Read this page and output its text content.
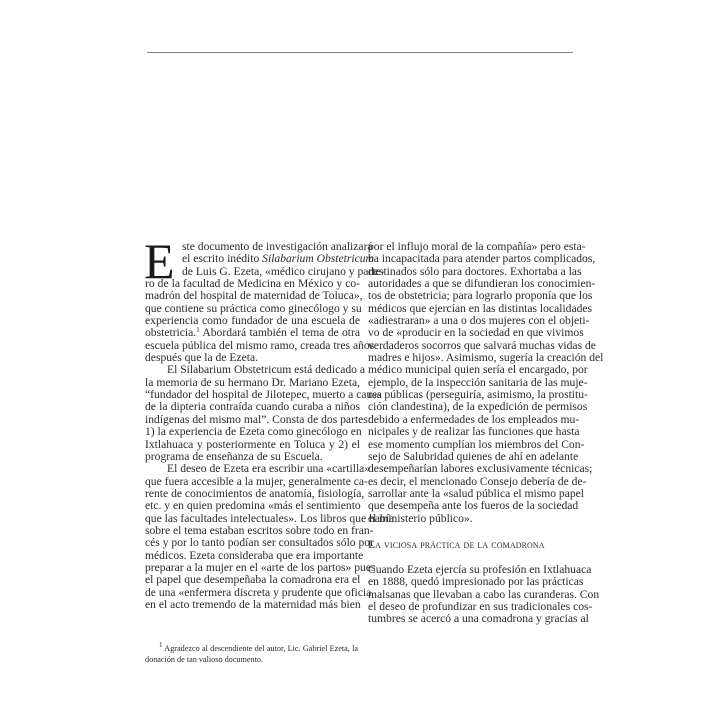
E ste documento de investigación analizará
el escrito inédito Silabarium Obstetricum
de Luis G. Ezeta, «médico cirujano y parte-
ro de la facultad de Medicina en México y co-
madrón del hospital de maternidad de Toluca»,
que contiene su práctica como ginecólogo y su
experiencia como fundador de una escuela de
obstetricia.$^1$ Abordará también el tema de otra
escuela pública del mismo ramo, creada tres años
después que la de Ezeta.
El Silabarium Obstetricum está dedicado a
la memoria de su hermano Dr. Mariano Ezeta,
“fundador del hospital de Jilotepec, muerto a causa
de la dipteria contraída cuando curaba a niños
indígenas del mismo mal”. Consta de dos partes:
1) la experiencia de Ezeta como ginecólogo en
Ixtlahuaca y posteriormente en Toluca y 2) el
programa de enseñanza de su Escuela.
El deseo de Ezeta era escribir una «cartilla»
que fuera accesible a la mujer, generalmente ca-
rente de conocimientos de anatomía, fisiología,
etc. y en quien predomina «más el sentimiento
que las facultades intelectuales». Los libros que había
sobre el tema estaban escritos sobre todo en fran-
cés y por lo tanto podían ser consultados sólo por
médicos. Ezeta consideraba que era importante
preparar a la mujer en el «arte de los partos» pues
el papel que desempeñaba la comadrona era el
de una «enfermera discreta y prudente que oficia
en el acto tremendo de la maternidad más bien
por el influjo moral de la compañía» pero esta-
ba incapacitada para atender partos complicados,
destinados sólo para doctores. Exhortaba a las
autoridades a que se difundieran los conocimien-
tos de obstetricia; para lograrlo proponía que los
médicos que ejercían en las distintas localidades
«adiestraran» a una o dos mujeres con el objeti-
vo de «producir en la sociedad en que vivimos
verdaderos socorros que salvará muchas vidas de
madres e hijos». Asimismo, sugería la creación del
médico municipal quien sería el encargado, por
ejemplo, de la inspección sanitaria de las muje-
res públicas (perseguiría, asimismo, la prostitu-
ción clandestina), de la expedición de permisos
debido a enfermedades de los empleados mu-
nicipales y de realizar las funciones que hasta
ese momento cumplían los miembros del Con-
sejo de Salubridad quienes de ahí en adelante
desempeñarían labores exclusivamente técnicas;
es decir, el mencionado Consejo debería de de-
sarrollar ante la «salud pública el mismo papel
que desempeña ante los fueros de la sociedad
el ministerio público».
La viciosa práctica de la comadrona
Cuando Ezeta ejercía su profesión en Ixtlahuaca
en 1888, quedó impresionado por las prácticas
malsanas que llevaban a cabo las curanderas. Con
el deseo de profundizar en sus tradicionales cos-
tumbres se acercó a una comadrona y gracias al
$^1$ Agradezco al descendiente del autor, Lic. Gabriel Ezeta, la
donación de tan valioso documento.
